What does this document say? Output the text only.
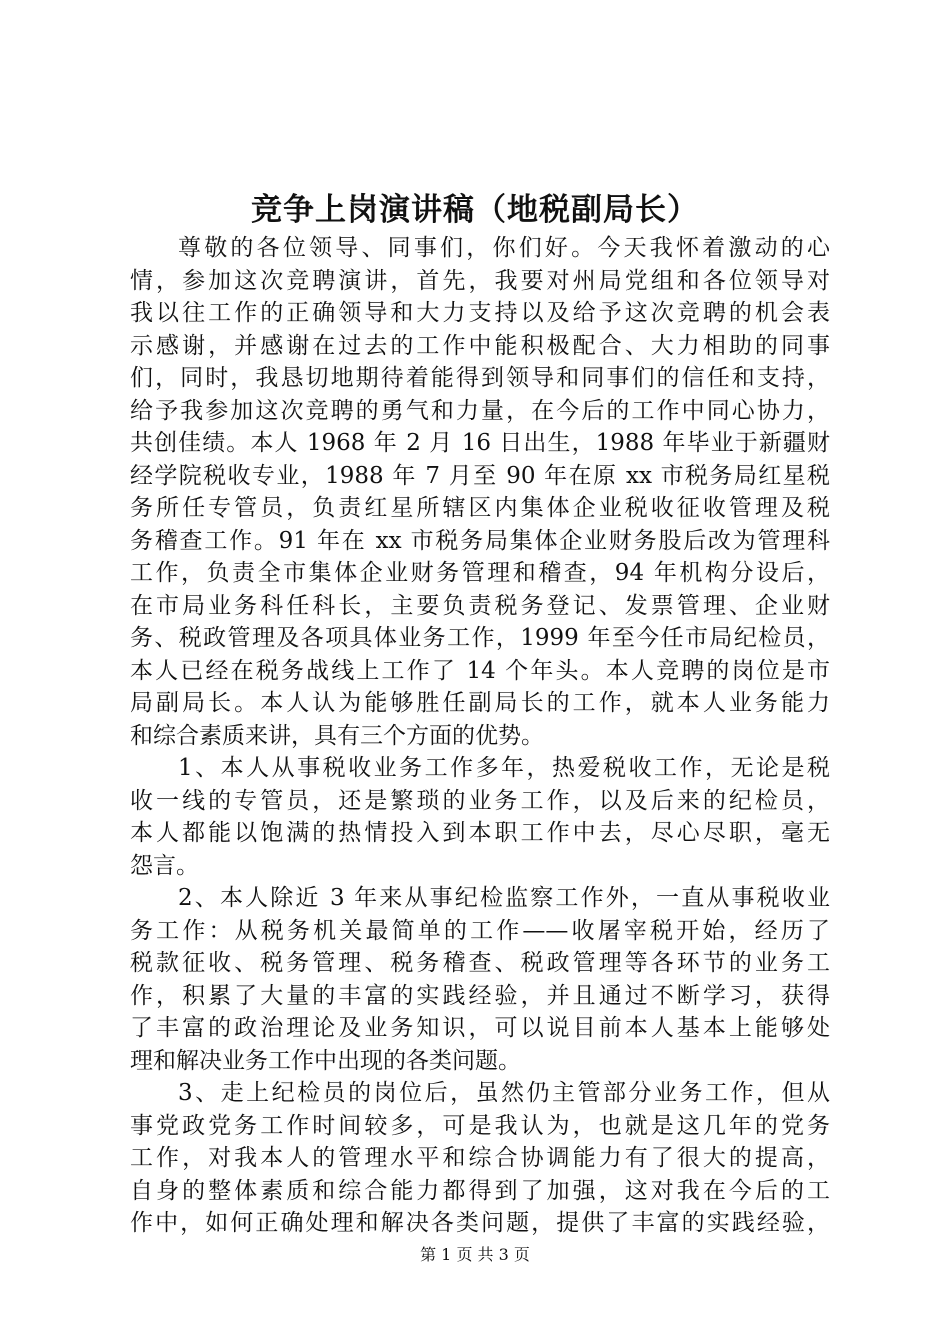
竞争上岗演讲稿（地税副局长）

尊敬的各位领导、同事们，你们好。今天我怀着激动的心

情，参加这次竞聘演讲，首先，我要对州局党组和各位领导对

我以往工作的正确领导和大力支持以及给予这次竞聘的机会表

示感谢，并感谢在过去的工作中能积极配合、大力相助的同事

们，同时，我恳切地期待着能得到领导和同事们的信任和支持，

给予我参加这次竞聘的勇气和力量，在今后的工作中同心协力，

共创佳绩。本人 1968 年 2 月 16 日出生，1988 年毕业于新疆财

经学院税收专业，1988 年 7 月至 90 年在原 xx 市税务局红星税

务所任专管员，负责红星所辖区内集体企业税收征收管理及税

务稽查工作。91 年在 xx 市税务局集体企业财务股后改为管理科

工作，负责全市集体企业财务管理和稽查，94 年机构分设后，

在市局业务科任科长，主要负责税务登记、发票管理、企业财

务、税政管理及各项具体业务工作，1999 年至今任市局纪检员，

本人已经在税务战线上工作了 14 个年头。本人竞聘的岗位是市

局副局长。本人认为能够胜任副局长的工作，就本人业务能力

和综合素质来讲，具有三个方面的优势。

1、本人从事税收业务工作多年，热爱税收工作，无论是税

收一线的专管员，还是繁琐的业务工作，以及后来的纪检员，

本人都能以饱满的热情投入到本职工作中去，尽心尽职，毫无

怨言。

2、本人除近 3 年来从事纪检监察工作外，一直从事税收业

务工作：从税务机关最简单的工作——收屠宰税开始，经历了

税款征收、税务管理、税务稽查、税政管理等各环节的业务工

作，积累了大量的丰富的实践经验，并且通过不断学习，获得

了丰富的政治理论及业务知识，可以说目前本人基本上能够处

理和解决业务工作中出现的各类问题。

3、走上纪检员的岗位后，虽然仍主管部分业务工作，但从

事党政党务工作时间较多，可是我认为，也就是这几年的党务

工作，对我本人的管理水平和综合协调能力有了很大的提高，

自身的整体素质和综合能力都得到了加强，这对我在今后的工

作中，如何正确处理和解决各类问题，提供了丰富的实践经验，

第 1 页 共 3 页
